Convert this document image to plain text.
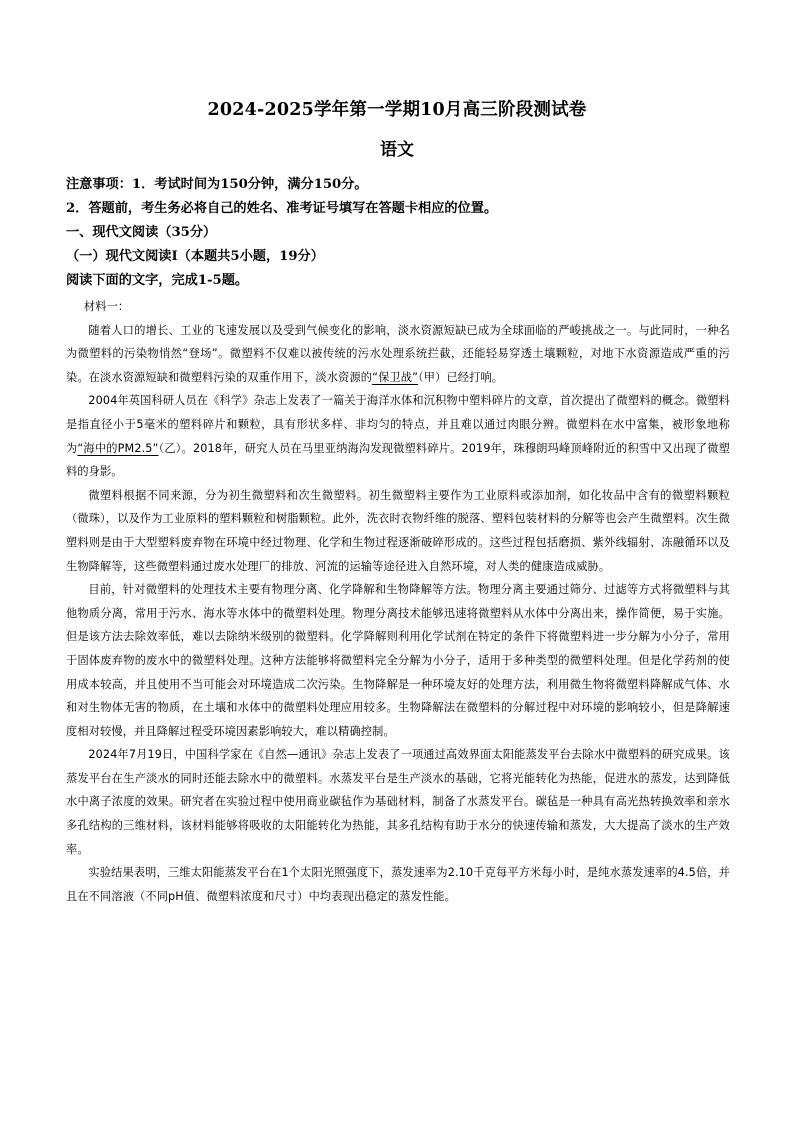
2024-2025学年第一学期10月高三阶段测试卷
语文
注意事项：1．考试时间为150分钟，满分150分。
2．答题前，考生务必将自己的姓名、准考证号填写在答题卡相应的位置。
一、现代文阅读（35分）
（一）现代文阅读Ⅰ（本题共5小题，19分）
阅读下面的文字，完成1-5题。

材料一：

随着人口的增长、工业的飞速发展以及受到气候变化的影响，淡水资源短缺已成为全球面临的严峻挑战之一。与此同时，一种名为微塑料的污染物悄然“登场”。微塑料不仅难以被传统的污水处理系统拦截，还能轻易穿透土壤颗粒，对地下水资源造成严重的污染。在淡水资源短缺和微塑料污染的双重作用下，淡水资源的“保卫战”（甲）已经打响。

2004年英国科研人员在《科学》杂志上发表了一篇关于海洋水体和沉积物中塑料碎片的文章，首次提出了微塑料的概念。微塑料是指直径小于5毫米的塑料碎片和颗粒，具有形状多样、非均匀的特点，并且难以通过肉眼分辨。微塑料在水中富集，被形象地称为“海中的PM2.5”（乙）。2018年，研究人员在马里亚纳海沟发现微塑料碎片。2019年，珠穆朗玛峰顶峰附近的积雪中又出现了微塑料的身影。

微塑料根据不同来源，分为初生微塑料和次生微塑料。初生微塑料主要作为工业原料或添加剂，如化妆品中含有的微塑料颗粒（微珠），以及作为工业原料的塑料颗粒和树脂颗粒。此外，洗衣时衣物纤维的脱落、塑料包装材料的分解等也会产生微塑料。次生微塑料则是由于大型塑料废弃物在环境中经过物理、化学和生物过程逐渐破碎形成的。这些过程包括磨损、紫外线辐射、冻融循环以及生物降解等，这些微塑料通过废水处理厂的排放、河流的运输等途径进入自然环境，对人类的健康造成威胁。

目前，针对微塑料的处理技术主要有物理分离、化学降解和生物降解等方法。物理分离主要通过筛分、过滤等方式将微塑料与其他物质分离，常用于污水、海水等水体中的微塑料处理。物理分离技术能够迅速将微塑料从水体中分离出来，操作简便，易于实施。但是该方法去除效率低，难以去除纳米级别的微塑料。化学降解则利用化学试剂在特定的条件下将微塑料进一步分解为小分子，常用于固体废弃物的废水中的微塑料处理。这种方法能够将微塑料完全分解为小分子，适用于多种类型的微塑料处理。但是化学药剂的使用成本较高，并且使用不当可能会对环境造成二次污染。生物降解是一种环境友好的处理方法，利用微生物将微塑料降解成气体、水和对生物体无害的物质，在土壤和水体中的微塑料处理应用较多。生物降解法在微塑料的分解过程中对环境的影响较小，但是降解速度相对较慢，并且降解过程受环境因素影响较大，难以精确控制。

2024年7月19日，中国科学家在《自然—通讯》杂志上发表了一项通过高效界面太阳能蒸发平台去除水中微塑料的研究成果。该蒸发平台在生产淡水的同时还能去除水中的微塑料。水蒸发平台是生产淡水的基础，它将光能转化为热能，促进水的蒸发，达到降低水中离子浓度的效果。研究者在实验过程中使用商业碳毡作为基础材料，制备了水蒸发平台。碳毡是一种具有高光热转换效率和亲水多孔结构的三维材料，该材料能够将吸收的太阳能转化为热能，其多孔结构有助于水分的快速传输和蒸发，大大提高了淡水的生产效率。

实验结果表明，三维太阳能蒸发平台在1个太阳光照强度下，蒸发速率为2.10千克每平方米每小时，是纯水蒸发速率的4.5倍，并且在不同溶液（不同pH值、微塑料浓度和尺寸）中均表现出稳定的蒸发性能。
